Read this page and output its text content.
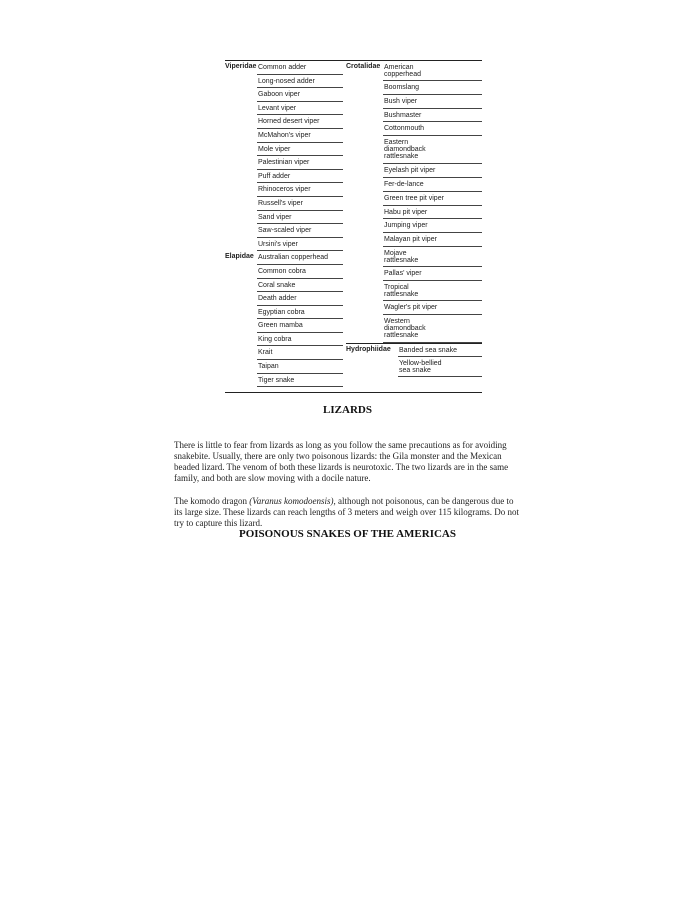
Viperidae Common adder
Long-nosed adder
Gaboon viper
Levant viper
Horned desert viper
McMahon's viper
Mole viper
Palestinian viper
Puff adder
Rhinoceros viper
Russell's viper
Sand viper
Saw-scaled viper
Ursini's viper
Elapidae Australian copperhead
Common cobra
Coral snake
Death adder
Egyptian cobra
Green mamba
King cobra
Krait
Taipan
Tiger snake
Crotalidae American
copperhead
Boomslang
Bush viper
Bushmaster
Cottonmouth
Eastern
diamondback
rattlesnake
Eyelash pit viper
Fer-de-lance
Green tree pit viper
Habu pit viper
Jumping viper
Malayan pit viper
Mojave
rattlesnake
Pallas' viper
Tropical
rattlesnake
Wagler's pit viper
Western
diamondback
rattlesnake
Hydrophiidae	Banded sea snake
Yellow-bellied
sea snake
LIZARDS

There is little to fear from lizards as long as you follow the same precautions as for avoiding snakebite. Usually, there are only two poisonous lizards: the Gila monster and the Mexican beaded lizard. The venom of both these lizards is neurotoxic. The two lizards are in the same family, and both are slow moving with a docile nature.

The komodo dragon (Varanus komodoensis), although not poisonous, can be dangerous due to its large size. These lizards can reach lengths of 3 meters and weigh over 115 kilograms. Do not try to capture this lizard.

POISONOUS SNAKES OF THE AMERICAS
